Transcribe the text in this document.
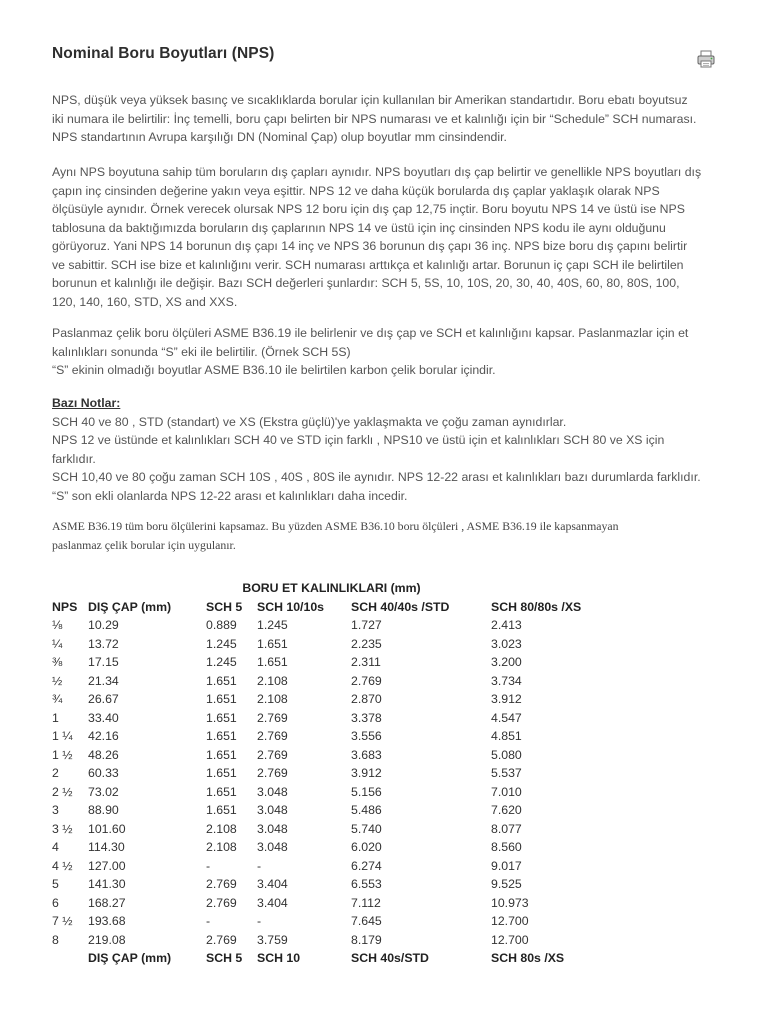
Nominal Boru Boyutları (NPS)
NPS, düşük veya yüksek basınç ve sıcaklıklarda borular için kullanılan bir Amerikan standartıdır. Boru ebatı boyutsuz
iki numara ile belirtilir: İnç temelli, boru çapı belirten bir NPS numarası ve et kalınlığı için bir “Schedule” SCH numarası.
NPS standartının Avrupa karşılığı DN (Nominal Çap) olup boyutlar mm cinsindendir.
Aynı NPS boyutuna sahip tüm boruların dış çapları aynıdır. NPS boyutları dış çap belirtir ve genellikle NPS boyutları dış
çapın inç cinsinden değerine yakın veya eşittir. NPS 12 ve daha küçük borularda dış çaplar yaklaşık olarak NPS
ölçüsüyle aynıdır. Örnek verecek olursak NPS 12 boru için dış çap 12,75 inçtir. Boru boyutu NPS 14 ve üstü ise NPS
tablosuna da baktığımızda boruların dış çaplarının NPS 14 ve üstü için inç cinsinden NPS kodu ile aynı olduğunu
görüyoruz. Yani NPS 14 borunun dış çapı 14 inç ve NPS 36 borunun dış çapı 36 inç. NPS bize boru dış çapını belirtir
ve sabittir. SCH ise bize et kalınlığını verir. SCH numarası arttıkça et kalınlığı artar. Borunun iç çapı SCH ile belirtilen
borunun et kalınlığı ile değişir. Bazı SCH değerleri şunlardır: SCH 5, 5S, 10, 10S, 20, 30, 40, 40S, 60, 80, 80S, 100,
120, 140, 160, STD, XS and XXS.
Paslanmaz çelik boru ölçüleri ASME B36.19 ile belirlenir ve dış çap ve SCH et kalınlığını kapsar. Paslanmazlar için et
kalınlıkları sonunda “S” eki ile belirtilir. (Örnek SCH 5S)
“S” ekinin olmadığı boyutlar ASME B36.10 ile belirtilen karbon çelik borular içindir.
Bazı Notlar:
SCH 40 ve 80 , STD (standart) ve XS (Ekstra güçlü)'ye yaklaşmakta ve çoğu zaman aynıdırlar.
NPS 12 ve üstünde et kalınlıkları SCH 40 ve STD için farklı , NPS10 ve üstü için et kalınlıkları SCH 80 ve XS için
farklıdır.
SCH 10,40 ve 80 çoğu zaman SCH 10S , 40S , 80S ile aynıdır. NPS 12-22 arası et kalınlıkları bazı durumlarda farklıdır.
“S” son ekli olanlarda NPS 12-22 arası et kalınlıkları daha incedir.
ASME B36.19 tüm boru ölçülerini kapsamaz. Bu yüzden ASME B36.10 boru ölçüleri , ASME B36.19 ile kapsanmayan
paslanmaz çelik borular için uygulanır.
BORU ET KALINLIKLARI (mm)					
NPS	DIŞ ÇAP (mm)	SCH 5	SCH 10/10s	SCH 40/40s /STD	SCH 80/80s /XS
⅛	10.29	0.889	1.245	1.727	2.413
¼	13.72	1.245	1.651	2.235	3.023
⅜	17.15	1.245	1.651	2.311	3.200
½	21.34	1.651	2.108	2.769	3.734
¾	26.67	1.651	2.108	2.870	3.912
1	33.40	1.651	2.769	3.378	4.547
1 ¼	42.16	1.651	2.769	3.556	4.851
1 ½	48.26	1.651	2.769	3.683	5.080
2	60.33	1.651	2.769	3.912	5.537
2 ½	73.02	1.651	3.048	5.156	7.010
3	88.90	1.651	3.048	5.486	7.620
3 ½	101.60	2.108	3.048	5.740	8.077
4	114.30	2.108	3.048	6.020	8.560
4 ½	127.00	-	-	6.274	9.017
5	141.30	2.769	3.404	6.553	9.525
6	168.27	2.769	3.404	7.112	10.973
7 ½	193.68	-	-	7.645	12.700
8	219.08	2.769	3.759	8.179	12.700
	DIŞ ÇAP (mm)	SCH 5	SCH 10	SCH 40s/STD	SCH 80s /XS
